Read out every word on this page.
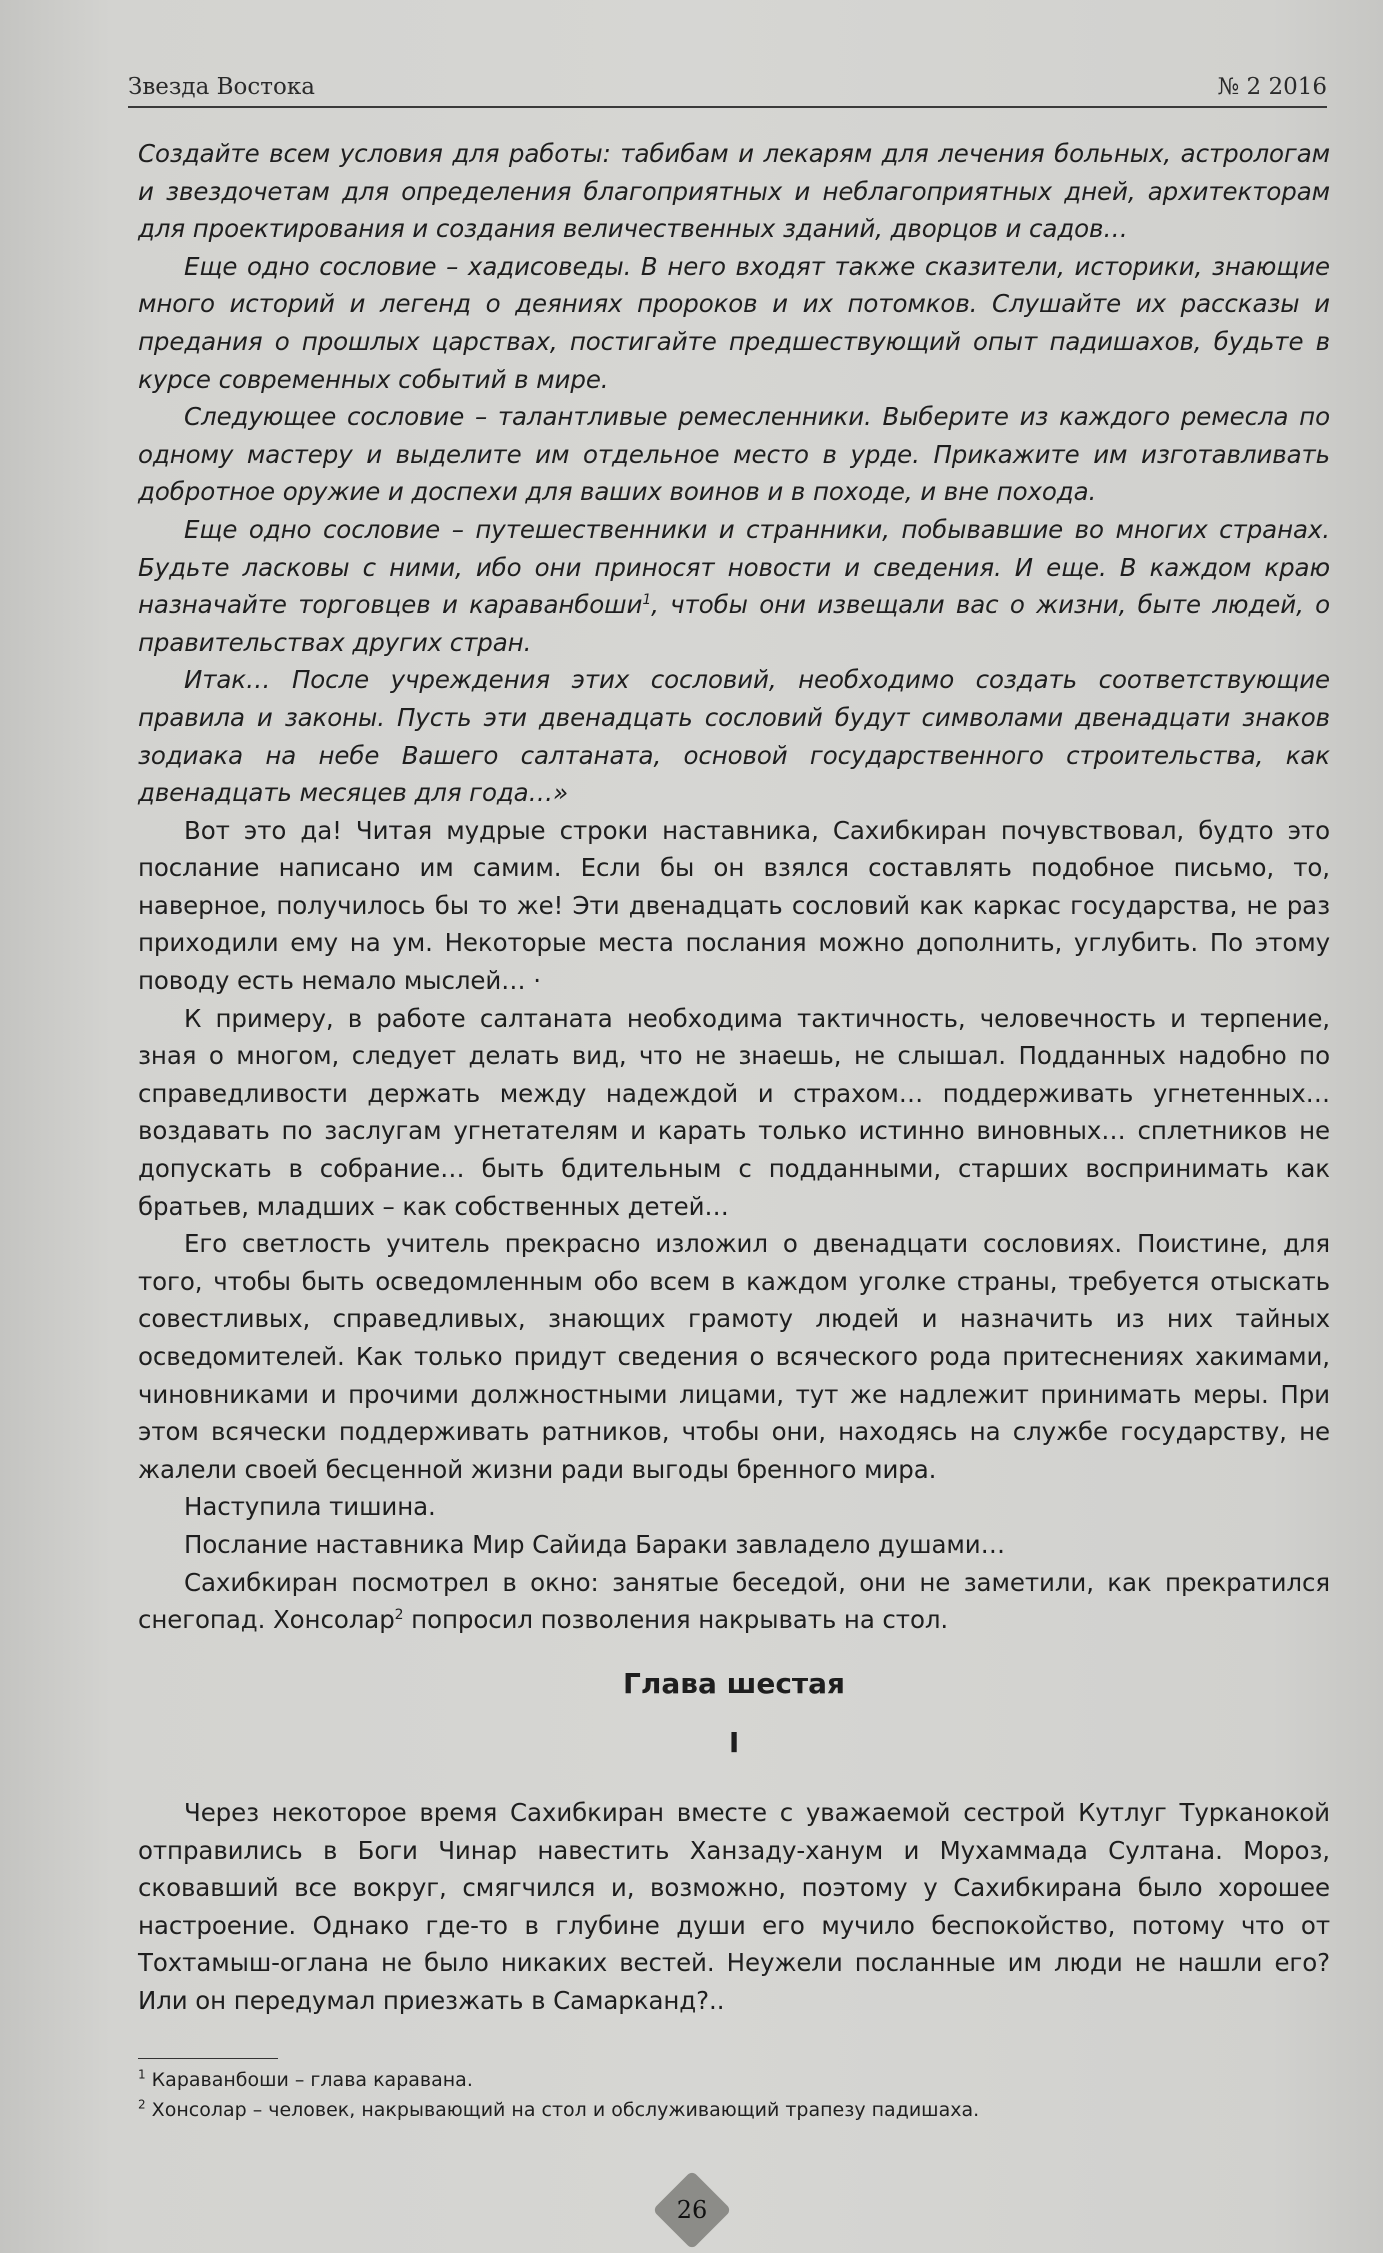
Звезда Востока	№ 2 2016

Создайте всем условия для работы: табибам и лекарям для лечения больных, астрологам и звездочетам для определения благоприятных и неблагоприятных дней, архитекторам для проектирования и создания величественных зданий, дворцов и садов…

Еще одно сословие – хадисоведы. В него входят также сказители, историки, знающие много историй и легенд о деяниях пророков и их потомков. Слушайте их рассказы и предания о прошлых царствах, постигайте предшествующий опыт падишахов, будьте в курсе современных событий в мире.

Следующее сословие – талантливые ремесленники. Выберите из каждого ремесла по одному мастеру и выделите им отдельное место в урде. Прикажите им изготавливать добротное оружие и доспехи для ваших воинов и в походе, и вне похода.

Еще одно сословие – путешественники и странники, побывавшие во многих странах. Будьте ласковы с ними, ибо они приносят новости и сведения. И еще. В каждом краю назначайте торговцев и караванбоши$^1$, чтобы они извещали вас о жизни, быте людей, о правительствах других стран.

Итак… После учреждения этих сословий, необходимо создать соответствующие правила и законы. Пусть эти двенадцать сословий будут символами двенадцати знаков зодиака на небе Вашего салтаната, основой государственного строительства, как двенадцать месяцев для года…»

Вот это да! Читая мудрые строки наставника, Сахибкиран почувствовал, будто это послание написано им самим. Если бы он взялся составлять подобное письмо, то, наверное, получилось бы то же! Эти двенадцать сословий как каркас государства, не раз приходили ему на ум. Некоторые места послания можно дополнить, углубить. По этому поводу есть немало мыслей… ·

К примеру, в работе салтаната необходима тактичность, человечность и терпение, зная о многом, следует делать вид, что не знаешь, не слышал. Подданных надобно по справедливости держать между надеждой и страхом… поддерживать угнетенных… воздавать по заслугам угнетателям и карать только истинно виновных… сплетников не допускать в собрание… быть бдительным с подданными, старших воспринимать как братьев, младших – как собственных детей…

Его светлость учитель прекрасно изложил о двенадцати сословиях. Поистине, для того, чтобы быть осведомленным обо всем в каждом уголке страны, требуется отыскать совестливых, справедливых, знающих грамоту людей и назначить из них тайных осведомителей. Как только придут сведения о всяческого рода притеснениях хакимами, чиновниками и прочими должностными лицами, тут же надлежит принимать меры. При этом всячески поддерживать ратников, чтобы они, находясь на службе государству, не жалели своей бесценной жизни ради выгоды бренного мира.

Наступила тишина.

Послание наставника Мир Сайида Бараки завладело душами…

Сахибкиран посмотрел в окно: занятые беседой, они не заметили, как прекратился снегопад. Хонсолар$^2$ попросил позволения накрывать на стол.

Глава шестая
I

Через некоторое время Сахибкиран вместе с уважаемой сестрой Кутлуг Турканокой отправились в Боги Чинар навестить Ханзаду-ханум и Мухаммада Султана. Мороз, сковавший все вокруг, смягчился и, возможно, поэтому у Сахибкирана было хорошее настроение. Однако где-то в глубине души его мучило беспокойство, потому что от Тохтамыш-оглана не было никаких вестей. Неужели посланные им люди не нашли его? Или он передумал приезжать в Самарканд?..

$^1$ Караванбоши – глава каравана.
$^2$ Хонсолар – человек, накрывающий на стол и обслуживающий трапезу падишаха.
26
